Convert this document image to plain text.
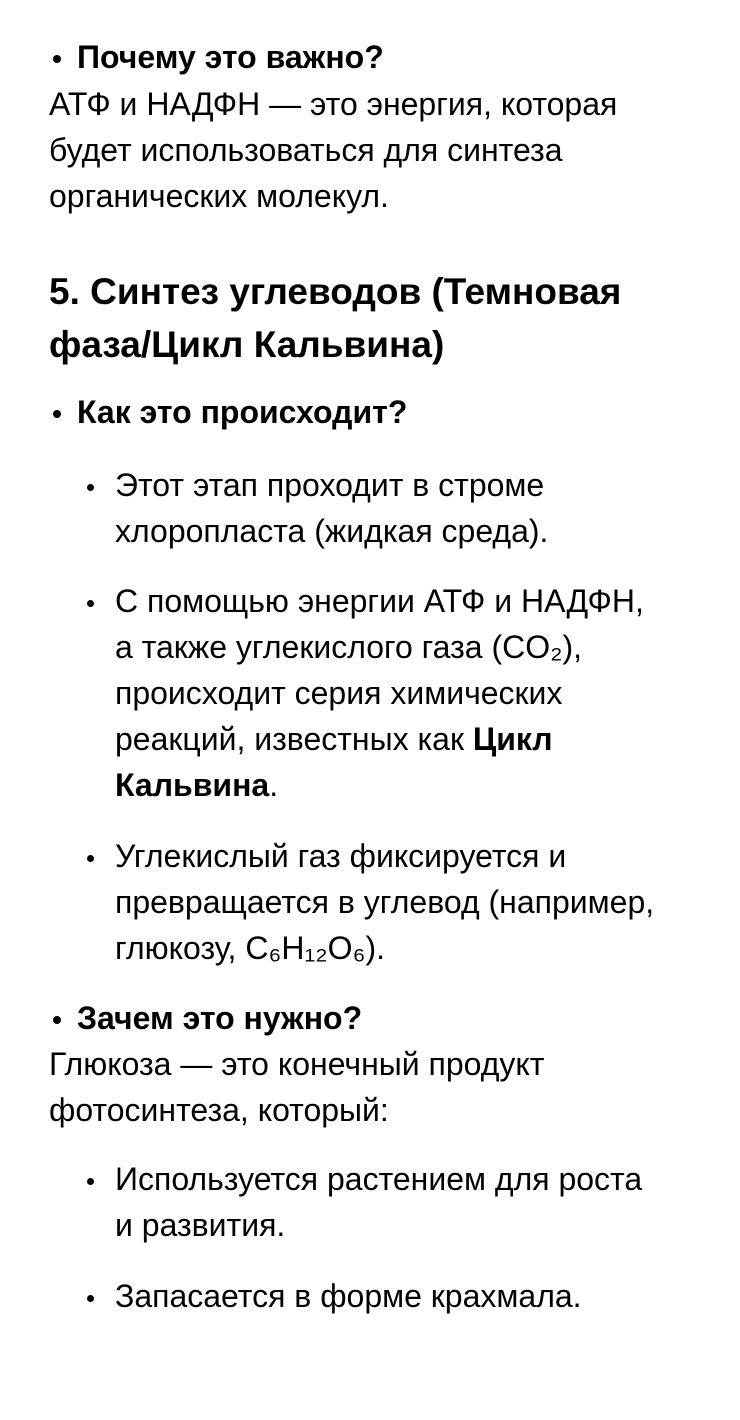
Почему это важно?
АТФ и НАДФН — это энергия, которая
будет использоваться для синтеза
органических молекул.
5. Синтез углеводов (Темновая
фаза/Цикл Кальвина)
Как это происходит?
Этот этап проходит в строме
хлоропласта (жидкая среда).
С помощью энергии АТФ и НАДФН,
а также углекислого газа (CO₂),
происходит серия химических
реакций, известных как Цикл
Кальвина.
Углекислый газ фиксируется и
превращается в углевод (например,
глюкозу, C₆H₁₂O₆).
Зачем это нужно?
Глюкоза — это конечный продукт
фотосинтеза, который:
Используется растением для роста
и развития.
Запасается в форме крахмала.
